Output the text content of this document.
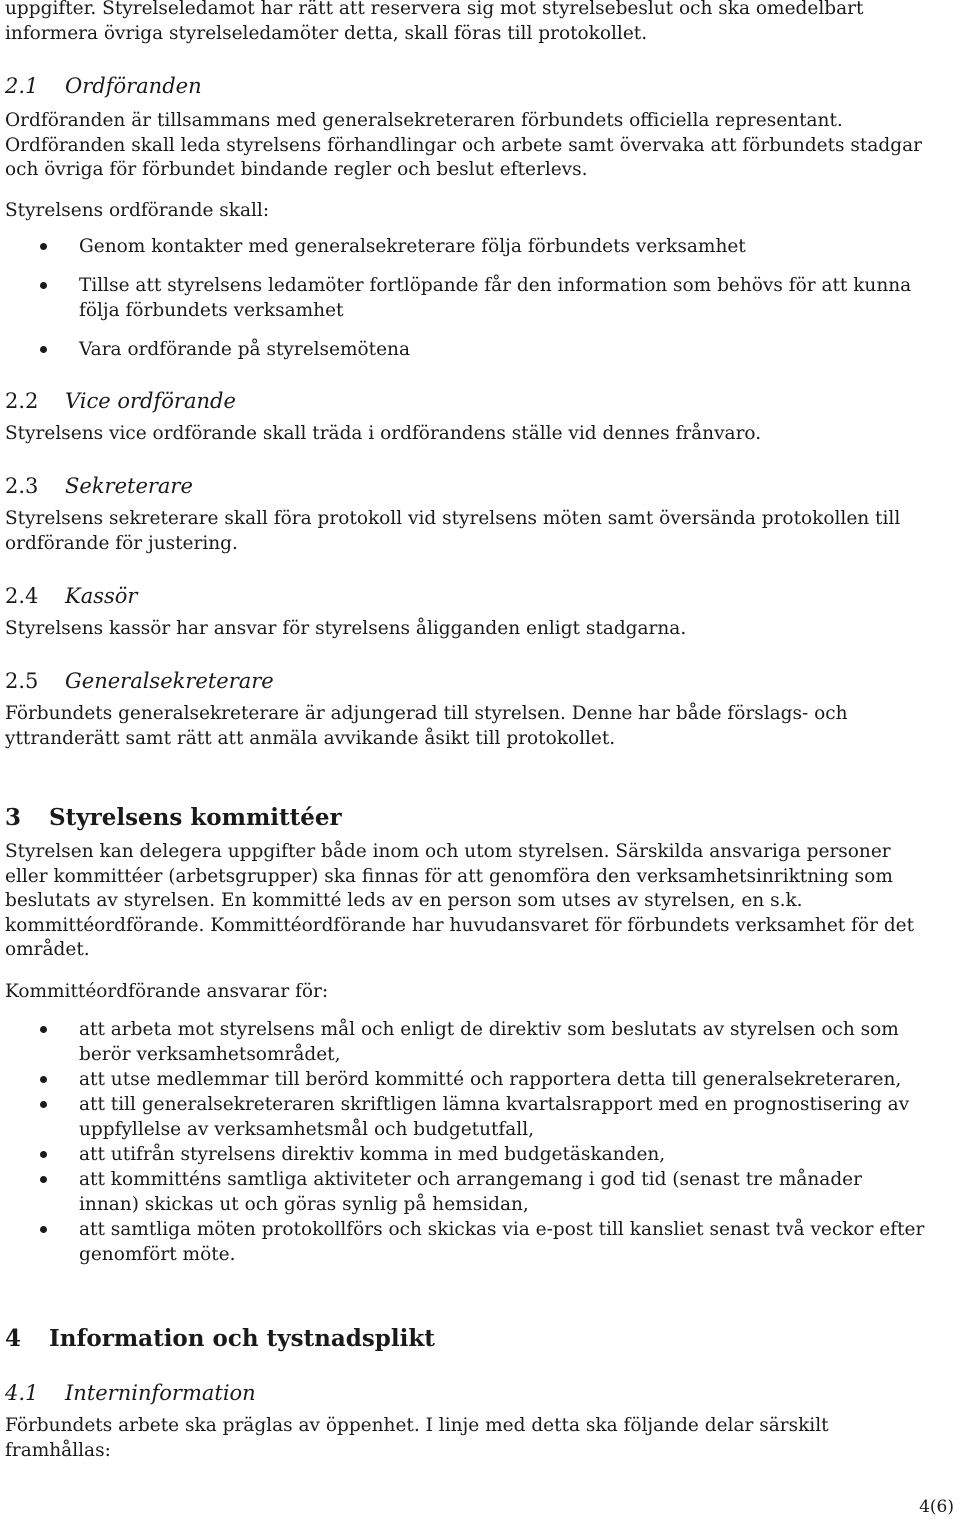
uppgifter. Styrelseledamot har rätt att reservera sig mot styrelsebeslut och ska omedelbart
informera övriga styrelseledamöter detta, skall föras till protokollet.

2.1 Ordföranden

Ordföranden är tillsammans med generalsekreteraren förbundets officiella representant.
Ordföranden skall leda styrelsens förhandlingar och arbete samt övervaka att förbundets stadgar
och övriga för förbundet bindande regler och beslut efterlevs.

Styrelsens ordförande skall:

Genom kontakter med generalsekreterare följa förbundets verksamhet
Tillse att styrelsens ledamöter fortlöpande får den information som behövs för att kunna
följa förbundets verksamhet
Vara ordförande på styrelsemötena
2.2 Vice ordförande

Styrelsens vice ordförande skall träda i ordförandens ställe vid dennes frånvaro.

2.3 Sekreterare

Styrelsens sekreterare skall föra protokoll vid styrelsens möten samt översända protokollen till
ordförande för justering.

2.4 Kassör

Styrelsens kassör har ansvar för styrelsens åligganden enligt stadgarna.

2.5 Generalsekreterare

Förbundets generalsekreterare är adjungerad till styrelsen. Denne har både förslags- och
yttranderätt samt rätt att anmäla avvikande åsikt till protokollet.

3 Styrelsens kommittéer

Styrelsen kan delegera uppgifter både inom och utom styrelsen. Särskilda ansvariga personer
eller kommittéer (arbetsgrupper) ska finnas för att genomföra den verksamhetsinriktning som
beslutats av styrelsen. En kommitté leds av en person som utses av styrelsen, en s.k.
kommittéordförande. Kommittéordförande har huvudansvaret för förbundets verksamhet för det
området.

Kommittéordförande ansvarar för:

att arbeta mot styrelsens mål och enligt de direktiv som beslutats av styrelsen och som
berör verksamhetsområdet,
att utse medlemmar till berörd kommitté och rapportera detta till generalsekreteraren,
att till generalsekreteraren skriftligen lämna kvartalsrapport med en prognostisering av
uppfyllelse av verksamhetsmål och budgetutfall,
att utifrån styrelsens direktiv komma in med budgetäskanden,
att kommitténs samtliga aktiviteter och arrangemang i god tid (senast tre månader
innan) skickas ut och göras synlig på hemsidan,
att samtliga möten protokollförs och skickas via e-post till kansliet senast två veckor efter
genomfört möte.
4 Information och tystnadsplikt
4.1 Interninformation

Förbundets arbete ska präglas av öppenhet. I linje med detta ska följande delar särskilt
framhållas:

4(6)
